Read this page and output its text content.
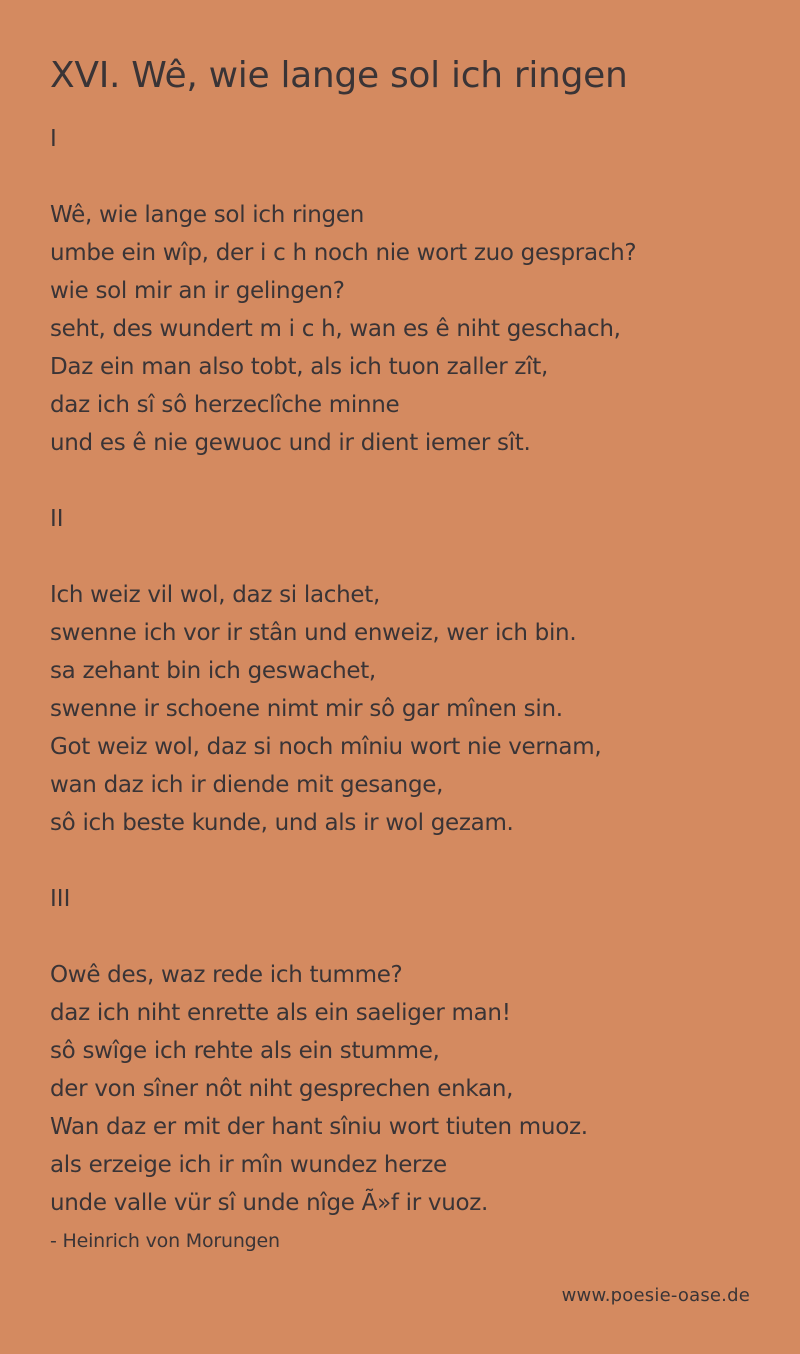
XVI. Wê, wie lange sol ich ringen
I
Wê, wie lange sol ich ringen
umbe ein wîp, der i c h noch nie wort zuo gesprach?
wie sol mir an ir gelingen?
seht, des wundert m i c h, wan es ê niht geschach,
Daz ein man also tobt, als ich tuon zaller zît,
daz ich sî sô herzeclîche minne
und es ê nie gewuoc und ir dient iemer sît.
II
Ich weiz vil wol, daz si lachet,
swenne ich vor ir stân und enweiz, wer ich bin.
sa zehant bin ich geswachet,
swenne ir schoene nimt mir sô gar mînen sin.
Got weiz wol, daz si noch mîniu wort nie vernam,
wan daz ich ir diende mit gesange,
sô ich beste kunde, und als ir wol gezam.
III
Owê des, waz rede ich tumme?
daz ich niht enrette als ein saeliger man!
sô swîge ich rehte als ein stumme,
der von sîner nôt niht gesprechen enkan,
Wan daz er mit der hant sîniu wort tiuten muoz.
als erzeige ich ir mîn wundez herze
unde valle vür sî unde nîge Ã»f ir vuoz.
- Heinrich von Morungen
www.poesie-oase.de
